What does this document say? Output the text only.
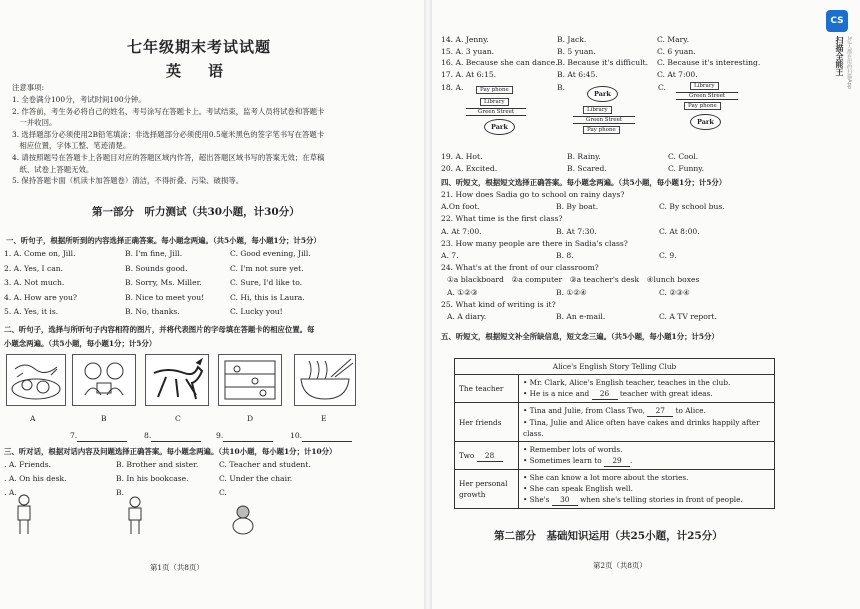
七年级期末考试试题
英　语
注意事项:
1. 全卷满分100分，考试时间100分钟。
2. 作答前，考生务必将自己的姓名、考号涂写在答题卡上。考试结束，监考人员将试卷和答题卡
　一并收回。
3. 选择题部分必须使用2B铅笔填涂；非选择题部分必须使用0.5毫米黑色的签字笔书写在答题卡
　相应位置，字体工整、笔迹清楚。
4. 请按照题号在答题卡上各题目对应的答题区域内作答，超出答题区域书写的答案无效；在草稿
　纸、试卷上答题无效。
5. 保持答题卡面（机读卡加答题卷）清洁，不得折叠、污染、破损等。
第一部分　听力测试（共30小题，计30分）
一、听句子，根据所听到的内容选择正确答案。每小题念两遍。（共5小题，每小题1分；计5分）
1. A. Come on, Jill.	B. I'm fine, Jill.	C. Good evening, Jill.
2. A. Yes, I can.	B. Sounds good.	C. I'm not sure yet.
3. A. Not much.	B. Sorry, Ms. Miller.	C. Sure, I'd like to.
4. A. How are you?	B. Nice to meet you!	C. Hi, this is Laura.
5. A. Yes, it is.	B. No, thanks.	C. Lucky you!
二、听句子，选择与所听句子内容相符的图片，并将代表图片的字母填在答题卡的相应位置。每
小题念两遍。（共5小题，每小题1分；计5分）
A	B	C	D	E
7.	8.	9.	10.
三、听对话，根据对话内容及问题选择正确答案。每小题念两遍。（共10小题，每小题1分；计10分）
. A. Friends.	B. Brother and sister.	C. Teacher and student.
. A. On his desk.	B. In his bookcase.	C. Under the chair.
. A.	B.	C.
第1页（共8页）
14. A. Jenny.	B. Jack.	C. Mary.
15. A. 3 yuan.	B. 5 yuan.	C. 6 yuan.
16. A. Because she can dance. B. Because it's difficult. C. Because it's interesting.
17. A. At 6:15.	B. At 6:45.	C. At 7:00.
18. A.	Pay phone Library
Green Street
Park
B.
Park Library
Green Street
Pay phone
C.	Library
Green Street
Pay phone Park
19. A. Hot.	B. Rainy.	C. Cool.
20. A. Excited.	B. Scared.	C. Funny.
四、听短文，根据短文选择正确答案。每小题念两遍。（共5小题，每小题1分；计5分）
21. How does Sadia go to school on rainy days?
A.On foot.	B. By boat.	C. By school bus.
22. What time is the first class?
A. At 7:00.	B. At 7:30.	C. At 8:00.
23. How many people are there in Sadia's class?
A. 7.	B. 8.	C. 9.
24. What's at the front of our classroom?
①a blackboard　②a computer　③a teacher's desk　④lunch boxes
A. ①②③	B. ①②④	C. ②③④
25. What kind of writing is it?
A. A diary.	B. An e-mail.	C. A TV report.
五、听短文，根据短文补全所缺信息，短文念三遍。（共5小题，每小题1分；计5分）
Alice's English Story Telling Club	
The teacher	• Mr. Clark, Alice's English teacher, teaches in the club.
• He is a nice and 26 teacher with great ideas.

Her friends	• Tina and Julie, from Class Two, 27 to Alice.
• Tina, Julie and Alice often have cakes and drinks happily after class.

Two 28	• Remember lots of words.
• Sometimes learn to 29 .

Her personal growth	• She can know a lot more about the stories.
• She can speak English well.
• She's 30 when she's telling stories in front of people.
第二部分　基础知识运用（共25小题，计25分）
第2页（共8页）
CS
扫描全能王 3亿人都在用的扫描App
